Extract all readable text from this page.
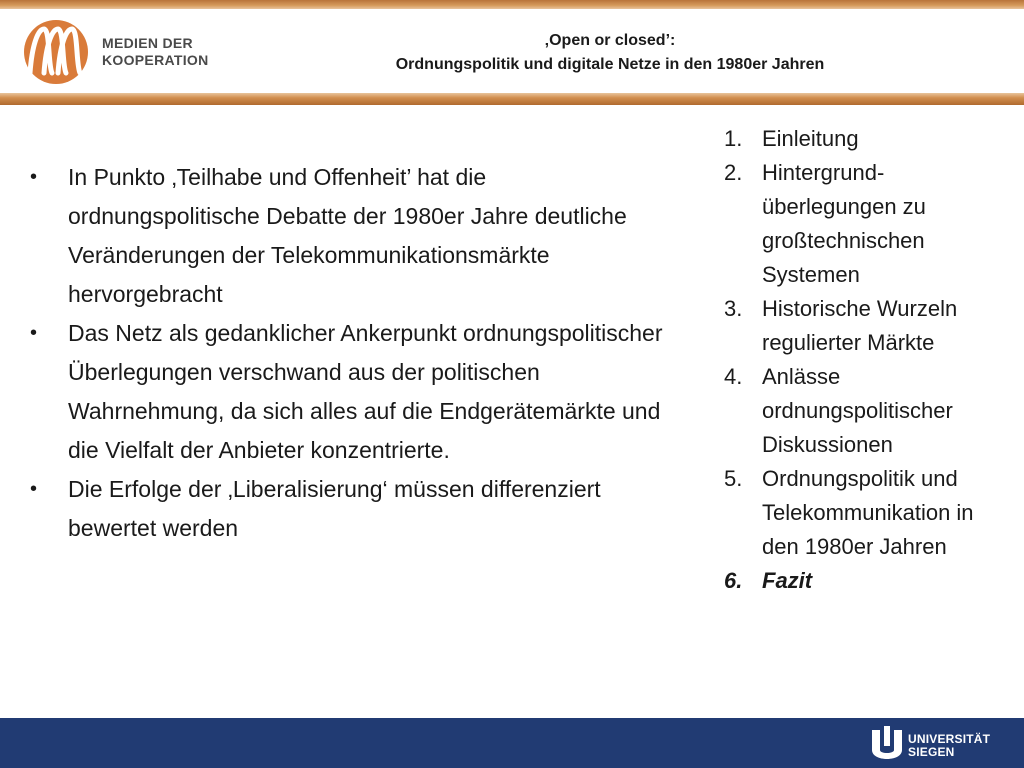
MEDIEN DER
KOOPERATION
‚Open or closed’:
Ordnungspolitik und digitale Netze in den 1980er Jahren
• In Punkto ‚Teilhabe und Offenheit’ hat die ordnungspolitische Debatte der 1980er Jahre deutliche Veränderungen der Telekommunikationsmärkte hervorgebracht
• Das Netz als gedanklicher Ankerpunkt ordnungspolitischer Überlegungen verschwand aus der politischen Wahrnehmung, da sich alles auf die Endgerätemärkte und die Vielfalt der Anbieter konzentrierte.
• Die Erfolge der ‚Liberalisierung‘ müssen differenziert bewertet werden
1. Einleitung
2. Hintergrund-überlegungen zu großtechnischen Systemen
3. Historische Wurzeln regulierter Märkte
4. Anlässe ordnungspolitischer Diskussionen
5. Ordnungspolitik und Telekommunikation in den 1980er Jahren
6. Fazit
UNIVERSITÄT
SIEGEN
